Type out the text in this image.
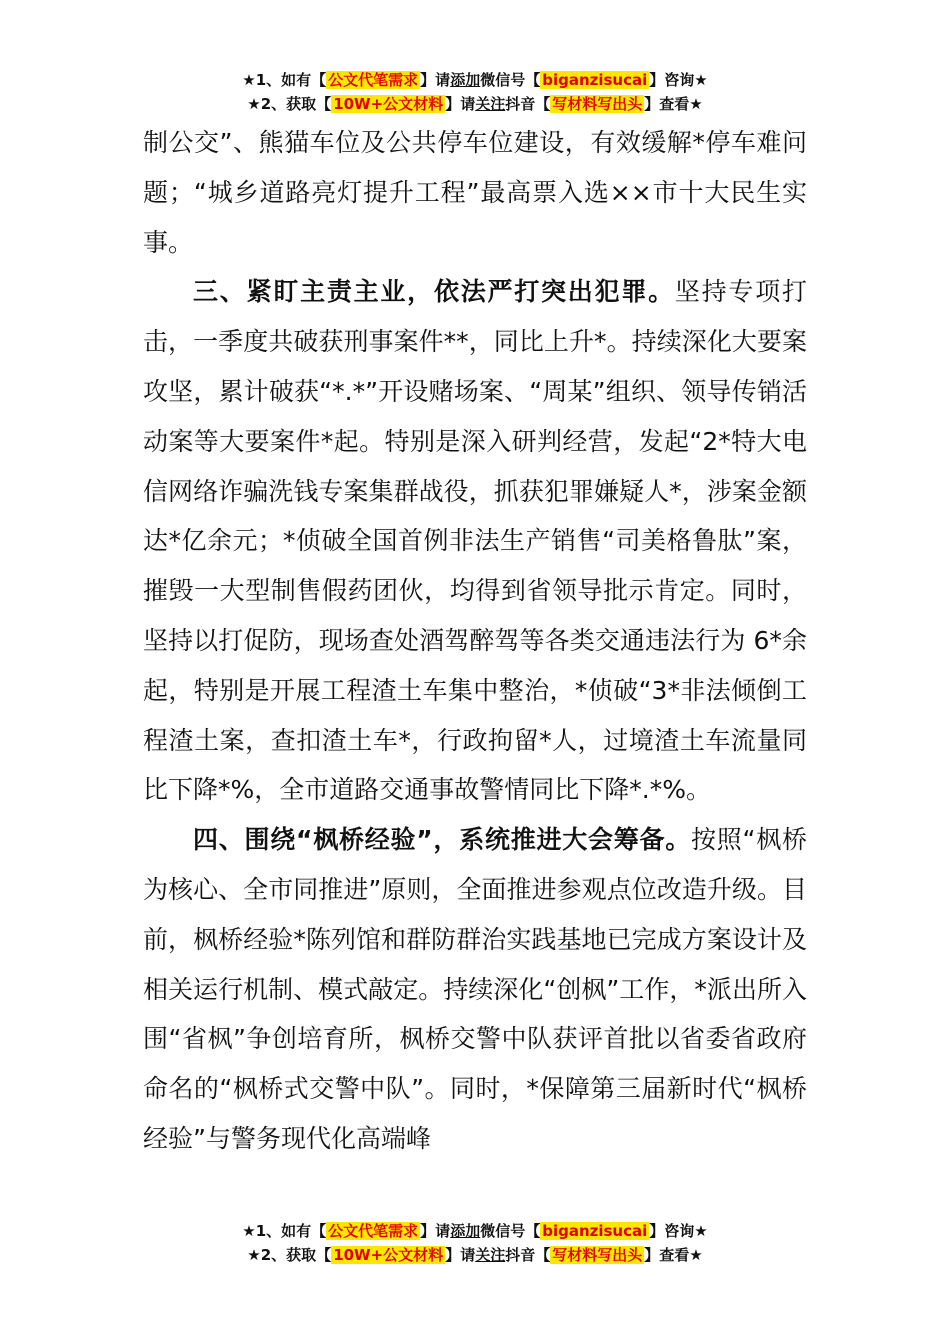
★1、如有【 公文代笔需求 】请添加微信号【 biganzisucai 】咨询★
★2、获取【 10W+公文材料 】请关注抖音【 写材料写出头 】查看★

制公交”、熊猫车位及公共停车位建设，有效缓解*停车难问题；“城乡道路亮灯提升工程”最高票入选××市十大民生实事。

三、紧盯主责主业，依法严打突出犯罪。坚持专项打击，一季度共破获刑事案件**，同比上升*。持续深化大要案攻坚，累计破获“*.*”开设赌场案、“周某”组织、领导传销活动案等大要案件*起。特别是深入研判经营，发起“2*特大电信网络诈骗洗钱专案集群战役，抓获犯罪嫌疑人*，涉案金额达*亿余元；*侦破全国首例非法生产销售“司美格鲁肽”案，摧毁一大型制售假药团伙，均得到省领导批示肯定。同时，坚持以打促防，现场查处酒驾醉驾等各类交通违法行为 6*余起，特别是开展工程渣土车集中整治，*侦破“3*非法倾倒工程渣土案，查扣渣土车*，行政拘留*人，过境渣土车流量同比下降*%，全市道路交通事故警情同比下降*.*%。

四、围绕“枫桥经验”，系统推进大会筹备。按照“枫桥为核心、全市同推进”原则，全面推进参观点位改造升级。目前，枫桥经验*陈列馆和群防群治实践基地已完成方案设计及相关运行机制、模式敲定。持续深化“创枫”工作，*派出所入围“省枫”争创培育所，枫桥交警中队获评首批以省委省政府命名的“枫桥式交警中队”。同时，*保障第三届新时代“枫桥经验”与警务现代化高端峰

★1、如有【 公文代笔需求 】请添加微信号【 biganzisucai 】咨询★
★2、获取【 10W+公文材料 】请关注抖音【 写材料写出头 】查看★
